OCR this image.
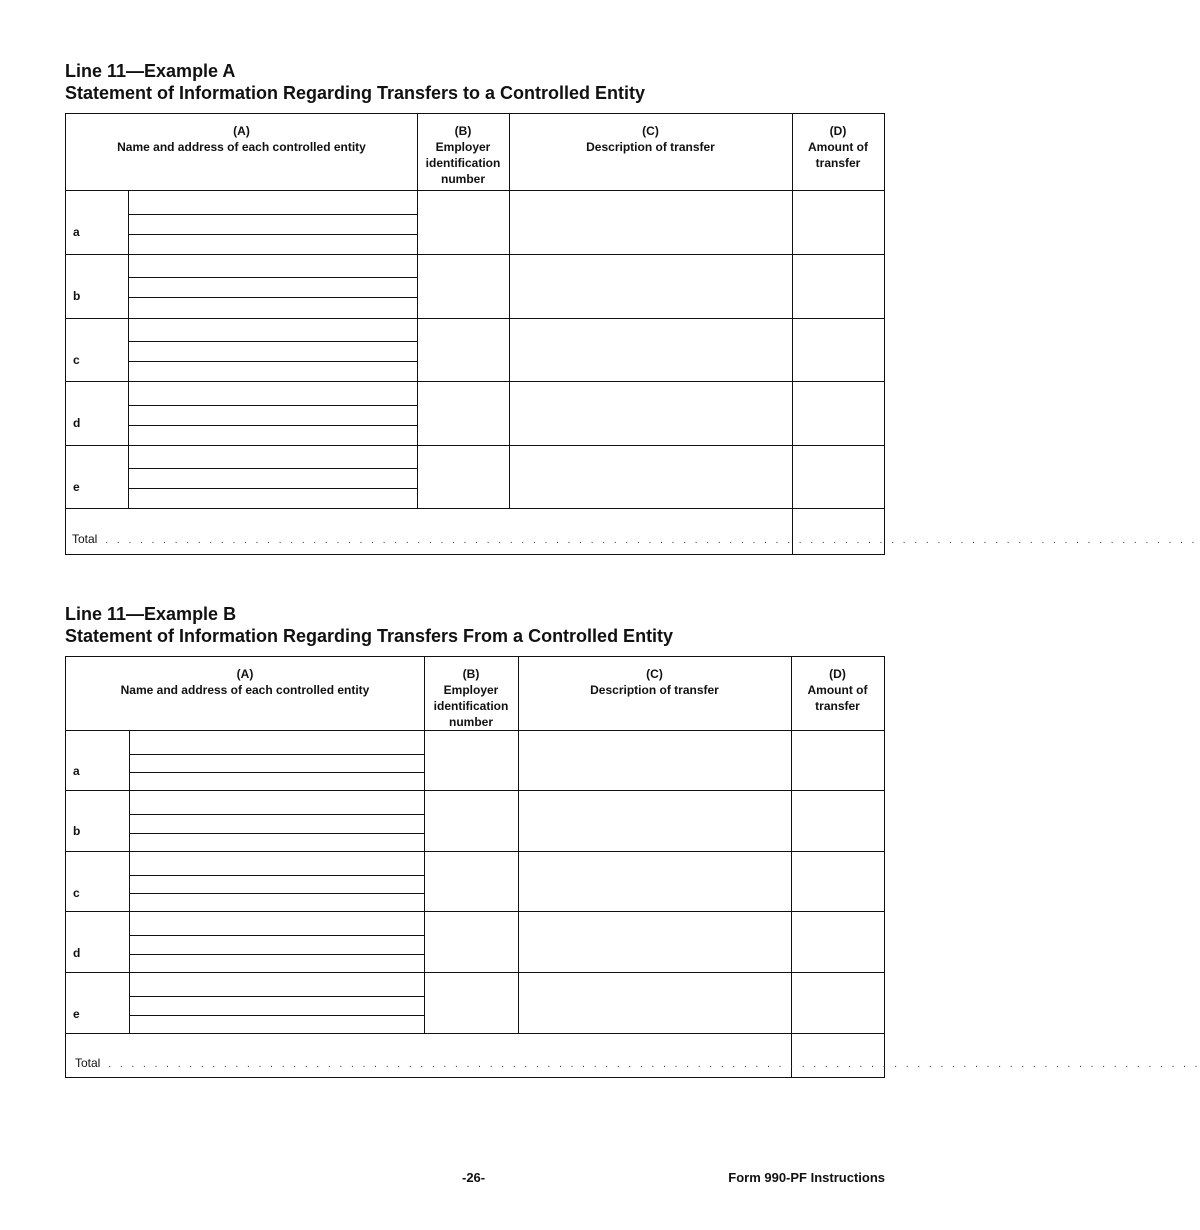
Line 11—Example A

Statement of Information Regarding Transfers to a Controlled Entity

(A)
Name and address of each controlled entity
(B)
Employer
identification
number
(C)
Description of transfer
(D)
Amount of
transfer
a
b
c
d
e
Total . . . . . . . . . . . . . . . . . . . . . . . . . . . . . . . . . . . . . . . . . . . . . . . . . . . . . . . . . . . . . . . . . . . . . . . . . . . . . . . . . . . . . . . . . . . . . . .

Line 11—Example B

Statement of Information Regarding Transfers From a Controlled Entity

(A)
Name and address of each controlled entity
(B)
Employer
identification
number
(C)
Description of transfer
(D)
Amount of
transfer
a
b
c
d
e
Total . . . . . . . . . . . . . . . . . . . . . . . . . . . . . . . . . . . . . . . . . . . . . . . . . . . . . . . . . . . . . . . . . . . . . . . . . . . . . . . . . . . . . . . . . . . . . . .
-26-	Form 990-PF Instructions
